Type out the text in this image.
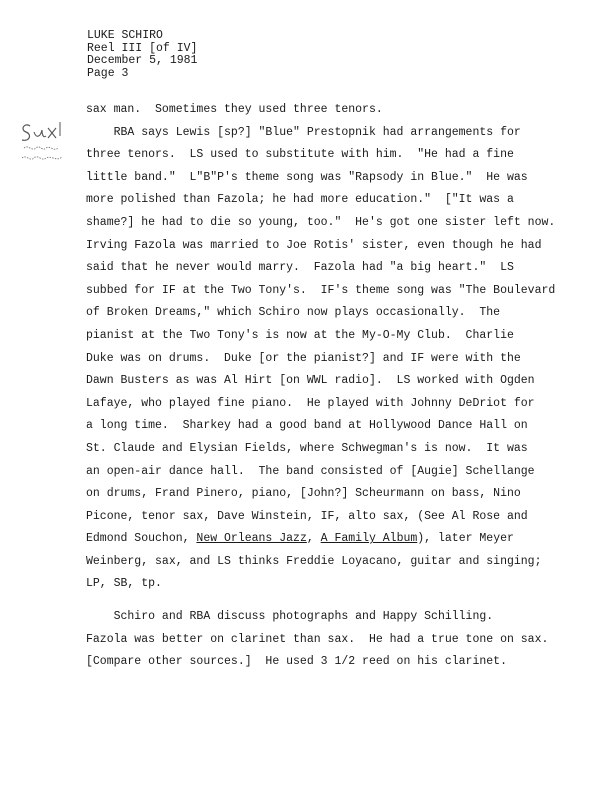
LUKE SCHIRO
Reel III [of IV]
December 5, 1981
Page 3
sax man.  Sometimes they used three tenors.
RBA says Lewis [sp?] "Blue" Prestopnik had arrangements for
three tenors.  LS used to substitute with him.  "He had a fine
little band."  L"B"P's theme song was "Rapsody in Blue."  He was
more polished than Fazola; he had more education."  ["It was a
shame?] he had to die so young, too."  He's got one sister left now.
Irving Fazola was married to Joe Rotis' sister, even though he had
said that he never would marry.  Fazola had "a big heart."  LS
subbed for IF at the Two Tony's.  IF's theme song was "The Boulevard
of Broken Dreams," which Schiro now plays occasionally.  The
pianist at the Two Tony's is now at the My-O-My Club.  Charlie
Duke was on drums.  Duke [or the pianist?] and IF were with the
Dawn Busters as was Al Hirt [on WWL radio].  LS worked with Ogden
Lafaye, who played fine piano.  He played with Johnny DeDriot for
a long time.  Sharkey had a good band at Hollywood Dance Hall on
St. Claude and Elysian Fields, where Schwegman's is now.  It was
an open-air dance hall.  The band consisted of [Augie] Schellange
on drums, Frand Pinero, piano, [John?] Scheurmann on bass, Nino
Picone, tenor sax, Dave Winstein, IF, alto sax, (See Al Rose and
Edmond Souchon, New Orleans Jazz, A Family Album), later Meyer
Weinberg, sax, and LS thinks Freddie Loyacano, guitar and singing;
LP, SB, tp.
Schiro and RBA discuss photographs and Happy Schilling.
Fazola was better on clarinet than sax.  He had a true tone on sax.
[Compare other sources.]  He used 3 1/2 reed on his clarinet.
